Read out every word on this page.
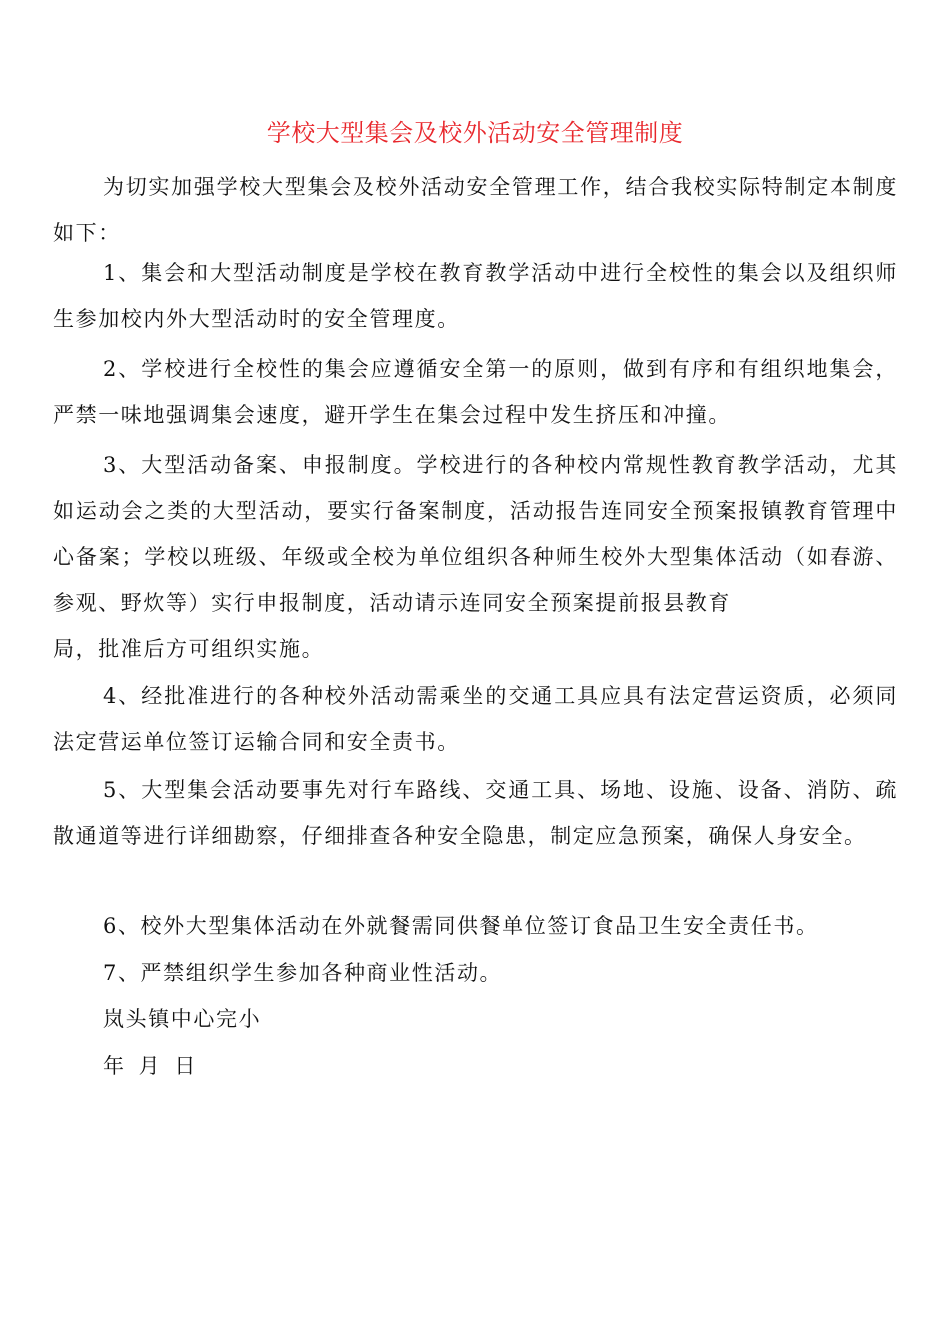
学校大型集会及校外活动安全管理制度

为切实加强学校大型集会及校外活动安全管理工作，结合我校实际特制定本制度如下：

1、集会和大型活动制度是学校在教育教学活动中进行全校性的集会以及组织师生参加校内外大型活动时的安全管理度。

2、学校进行全校性的集会应遵循安全第一的原则，做到有序和有组织地集会，严禁一味地强调集会速度，避开学生在集会过程中发生挤压和冲撞。

3、大型活动备案、申报制度。学校进行的各种校内常规性教育教学活动，尤其如运动会之类的大型活动，要实行备案制度，活动报告连同安全预案报镇教育管理中心备案；学校以班级、年级或全校为单位组织各种师生校外大型集体活动（如春游、参观、野炊等）实行申报制度，活动请示连同安全预案提前报县教育

局，批准后方可组织实施。

4、经批准进行的各种校外活动需乘坐的交通工具应具有法定营运资质，必须同法定营运单位签订运输合同和安全责书。

5、大型集会活动要事先对行车路线、交通工具、场地、设施、设备、消防、疏散通道等进行详细勘察，仔细排查各种安全隐患，制定应急预案，确保人身安全。

6、校外大型集体活动在外就餐需同供餐单位签订食品卫生安全责任书。
7、严禁组织学生参加各种商业性活动。
岚头镇中心完小
年 月 日
